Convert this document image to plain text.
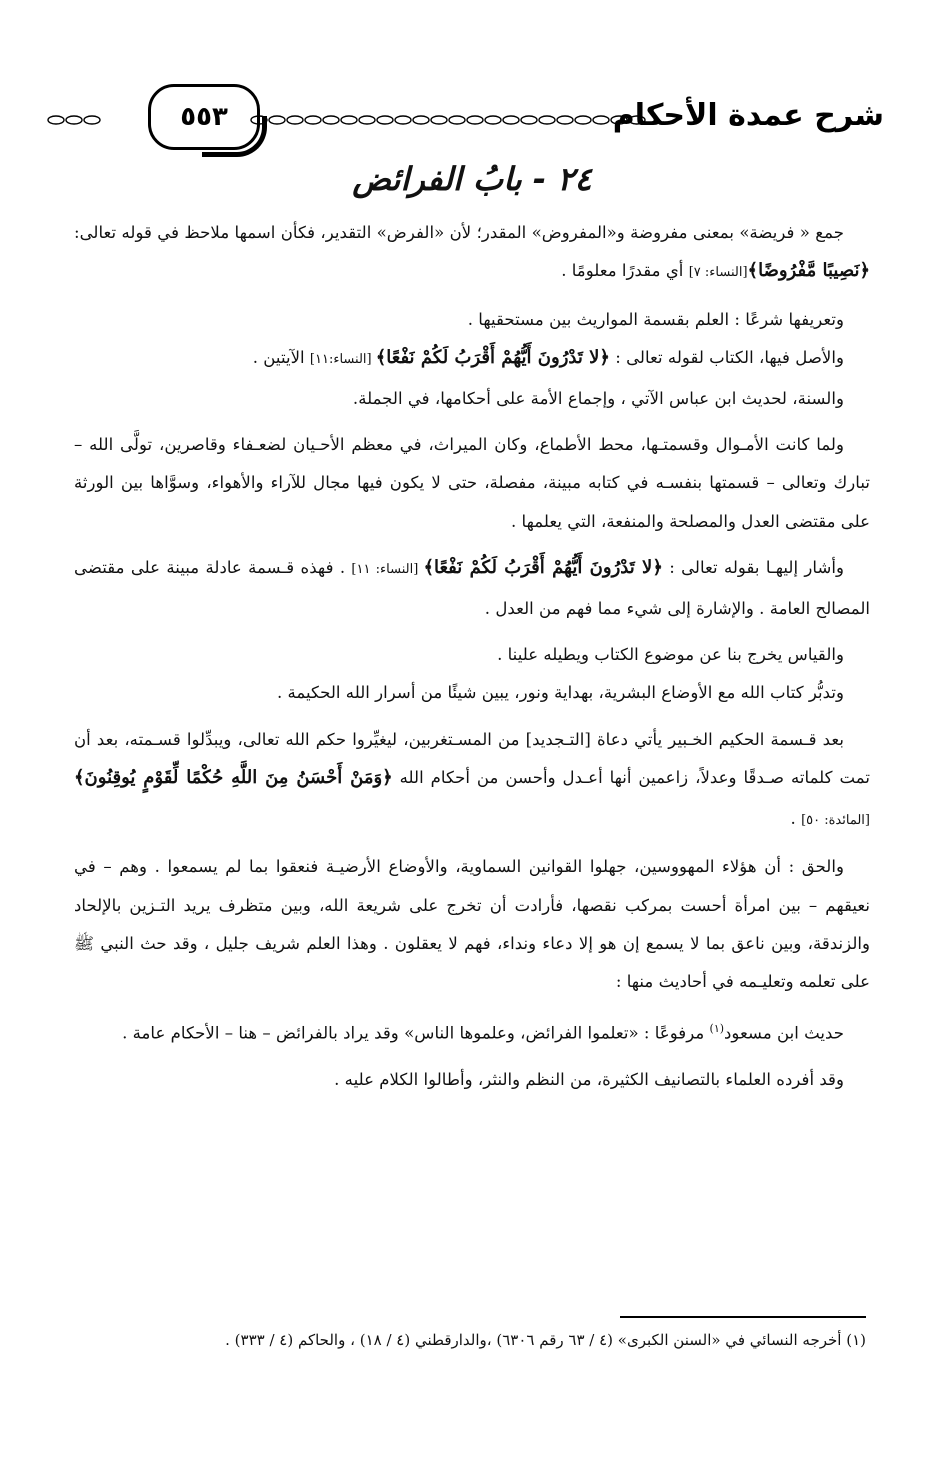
شرح عمدة الأحكام
٥٥٣
٢٤ - بابُ الفرائض

جمع « فريضة» بمعنى مفروضة و«المفروض» المقدر؛ لأن «الفرض» التقدير، فكأن اسمها ملاحظ في قوله تعالى: ﴿نَصِيبًا مَّفْرُوضًا﴾[النساء: ٧] أي مقدرًا معلومًا .

وتعريفها شرعًا : العلم بقسمة المواريث بين مستحقيها .

والأصل فيها، الكتاب لقوله تعالى : ﴿لا تَدْرُونَ أَيُّهُمْ أَقْرَبُ لَكُمْ نَفْعًا﴾ [النساء:١١] الآيتين .

والسنة، لحديث ابن عباس الآتي ، وإجماع الأمة على أحكامها، في الجملة.

ولما كانت الأمـوال وقسمتـها، محط الأطماع، وكان الميراث، في معظم الأحـيان لضعـفاء وقاصرين، تولَّى الله – تبارك وتعالى – قسمتها بنفسـه في كتابه مبينة، مفصلة، حتى لا يكون فيها مجال للآراء والأهواء، وسوَّاها بين الورثة على مقتضى العدل والمصلحة والمنفعة، التي يعلمها .

وأشار إليهـا بقوله تعالى : ﴿لا تَدْرُونَ أَيُّهُمْ أَقْرَبُ لَكُمْ نَفْعًا﴾ [النساء: ١١] . فهذه قـسمة عادلة مبينة على مقتضى المصالح العامة . والإشارة إلى شيء مما فهم من العدل .

والقياس يخرج بنا عن موضوع الكتاب ويطيله علينا .

وتدبُّر كتاب الله مع الأوضاع البشرية، بهداية ونور، يبين شيئًا من أسرار الله الحكيمة .

بعد قـسمة الحكيم الخـبير يأتي دعاة [التـجديد] من المسـتغربين، ليغيِّروا حكم الله تعالى، ويبدِّلوا قسـمته، بعد أن تمت كلماته صـدقًا وعدلاً، زاعمين أنها أعـدل وأحسن من أحكام الله ﴿وَمَنْ أَحْسَنُ مِنَ اللَّهِ حُكْمًا لِّقَوْمٍ يُوقِنُونَ﴾ [المائدة: ٥٠] .

والحق : أن هؤلاء المهووسين، جهلوا القوانين السماوية، والأوضاع الأرضيـة فنعقوا بما لم يسمعوا . وهم – في نعيقهم – بين امرأة أحست بمركب نقصها، فأرادت أن تخرج على شريعة الله، وبين متظرف يريد التـزين بالإلحاد والزندقة، وبين ناعق بما لا يسمع إن هو إلا دعاء ونداء، فهم لا يعقلون . وهذا العلم شريف جليل ، وقد حث النبي ﷺ على تعلمه وتعليـمه في أحاديث منها :

حديث ابن مسعود$^{(١)}$ مرفوعًا : «تعلموا الفرائض، وعلموها الناس» وقد يراد بالفرائض – هنا – الأحكام عامة .

وقد أفرده العلماء بالتصانيف الكثيرة، من النظم والنثر، وأطالوا الكلام عليه .

(١) أخرجه النسائي في «السنن الكبرى» (٤ / ٦٣ رقم ٦٣٠٦) ،والدارقطني (٤ / ١٨) ، والحاكم (٤ / ٣٣٣) .
